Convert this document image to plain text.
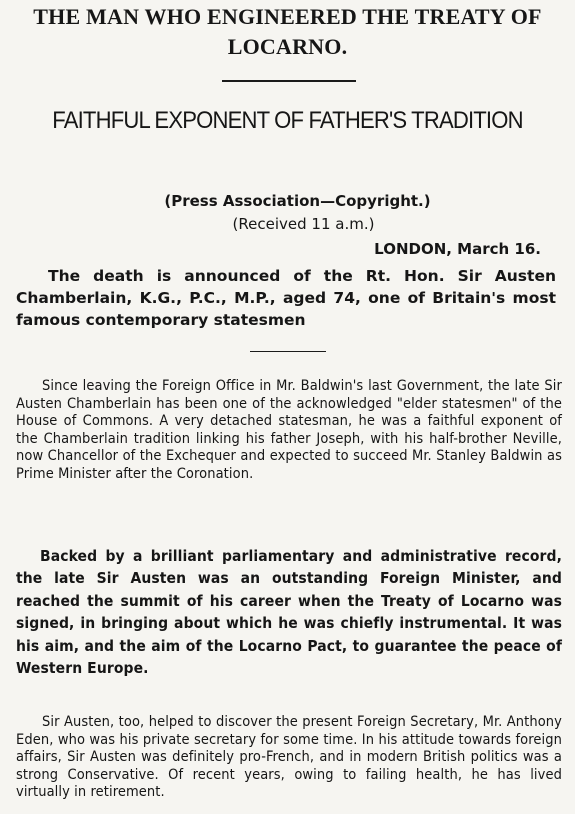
THE MAN WHO ENGINEERED THE TREATY OF LOCARNO.
FAITHFUL EXPONENT OF FATHER'S TRADITION

(Press Association—Copyright.)

(Received 11 a.m.)

LONDON, March 16.

The death is announced of the Rt. Hon. Sir Austen Chamberlain, K.G., P.C., M.P., aged 74, one of Britain's most famous contemporary statesmen

Since leaving the Foreign Office in Mr. Baldwin's last Government, the late Sir Austen Chamberlain has been one of the acknowledged "elder statesmen" of the House of Commons. A very detached statesman, he was a faithful exponent of the Chamberlain tradition linking his father Joseph, with his half-brother Neville, now Chancellor of the Exchequer and expected to succeed Mr. Stanley Baldwin as Prime Minister after the Coronation.

Backed by a brilliant parliamentary and administrative record, the late Sir Austen was an outstanding Foreign Minister, and reached the summit of his career when the Treaty of Locarno was signed, in bringing about which he was chiefly instrumental. It was his aim, and the aim of the Locarno Pact, to guarantee the peace of Western Europe.

Sir Austen, too, helped to discover the present Foreign Secretary, Mr. Anthony Eden, who was his private secretary for some time. In his attitude towards foreign affairs, Sir Austen was definitely pro-French, and in modern British politics was a strong Conservative. Of recent years, owing to failing health, he has lived virtually in retirement.
